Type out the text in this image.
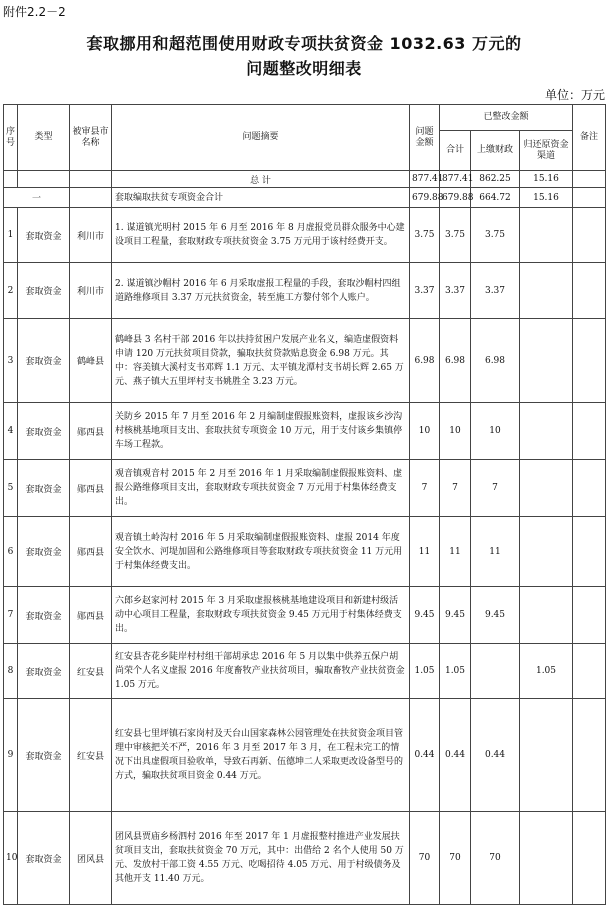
附件2.2－2
套取挪用和超范围使用财政专项扶贫资金 1032.63 万元的
问题整改明细表
单位：万元
序号	类型	被审县市名称	问题摘要	问题金额	已整改金额			备注
					合计	上缴财政	归还原资金渠道	
			总 计	877.41	877.41	862.25	15.16	
一			套取编取扶贫专项资金合计	679.88	679.88	664.72	15.16	
1	套取资金	利川市	1. 谋道镇光明村 2015 年 6 月至 2016 年 8 月虚报党员群众服务中心建设项目工程量，套取财政专项扶贫资金 3.75 万元用于该村经费开支。	3.75	3.75	3.75		
2	套取资金	利川市	2. 谋道镇沙帽村 2016 年 6 月采取虚报工程量的手段，套取沙帽村四组道路维修项目 3.37 万元扶贫资金，转至施工方黎付邻个人账户。	3.37	3.37	3.37		
3	套取资金	鹤峰县	鹤峰县 3 名村干部 2016 年以扶持贫困户发展产业名义，编造虚假资料申请 120 万元扶贫项目贷款，骗取扶贫贷款贴息资金 6.98 万元。其中：容美镇大溪村支书邓辉 1.1 万元、太平镇龙潭村支书胡长辉 2.65 万元、燕子镇大五里坪村支书姚胜全 3.23 万元。	6.98	6.98	6.98		
4	套取资金	郧西县	关防乡 2015 年 7 月至 2016 年 2 月编制虚假报账资料，虚报该乡沙沟村核桃基地项目支出、套取扶贫专项资金 10 万元，用于支付该乡集镇停车场工程款。	10	10	10		
5	套取资金	郧西县	观音镇观音村 2015 年 2 月至 2016 年 1 月采取编制虚假报账资料、虚报公路维修项目支出，套取财政专项扶贫资金 7 万元用于村集体经费支出。	7	7	7		
6	套取资金	郧西县	观音镇土岭沟村 2016 年 5 月采取编制虚假报账资料、虚报 2014 年度安全饮水、河堤加固和公路维修项目等套取财政专项扶贫资金 11 万元用于村集体经费支出。	11	11	11		
7	套取资金	郧西县	六郎乡赵家河村 2015 年 3 月采取虚报核桃基地建设项目和新建村级活动中心项目工程量，套取财政专项扶贫资金 9.45 万元用于村集体经费支出。	9.45	9.45	9.45		
8	套取资金	红安县	红安县杏花乡陡岸村村组干部胡承忠 2016 年 5 月以集中供养五保户胡尚荣个人名义虚报 2016 年度畜牧产业扶贫项目，骗取畜牧产业扶贫资金 1.05 万元。	1.05	1.05		1.05	
9	套取资金	红安县	红安县七里坪镇石家岗村及天台山国家森林公园管理处在扶贫资金项目管理中审核把关不严，2016 年 3 月至 2017 年 3 月，在工程未完工的情况下出具虚假项目验收单，导致石再新、伍德坤二人采取更改设备型号的方式，骗取扶贫项目资金 0.44 万元。	0.44	0.44	0.44		
10	套取资金	团风县	团风县贾庙乡杨泗村 2016 年至 2017 年 1 月虚报整村推进产业发展扶贫项目支出，套取扶贫资金 70 万元，其中：出借给 2 名个人使用 50 万元、发放村干部工资 4.55 万元、吃喝招待 4.05 万元、用于村级债务及其他开支 11.40 万元。	70	70	70		
